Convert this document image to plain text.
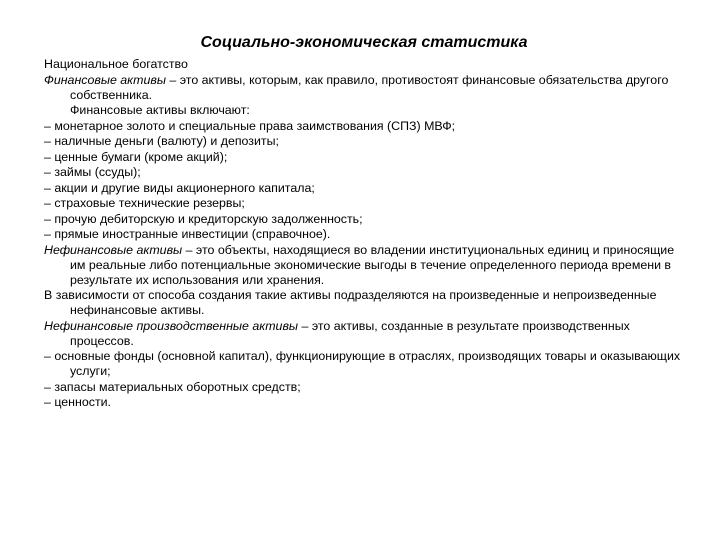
Социально-экономическая статистика
Национальное богатство
Финансовые активы – это активы, которым, как правило, противостоят финансовые обязательства другого собственника.
Финансовые активы включают:
– монетарное золото и специальные права заимствования (СПЗ) МВФ;
– наличные деньги (валюту) и депозиты;
– ценные бумаги (кроме акций);
– займы (ссуды);
– акции и другие виды акционерного капитала;
– страховые технические резервы;
– прочую дебиторскую и кредиторскую задолженность;
– прямые иностранные инвестиции (справочное).
Нефинансовые активы – это объекты, находящиеся во владении институциональных единиц и приносящие им реальные либо потенциальные экономические выгоды в течение определенного периода времени в результате их использования или хранения.
В зависимости от способа создания такие активы подразделяются на произведенные и непроизведенные нефинансовые активы.
Нефинансовые производственные активы – это активы, созданные в результате производственных процессов.
– основные фонды (основной капитал), функционирующие в отраслях, производящих товары и оказывающих услуги;
– запасы материальных оборотных средств;
– ценности.
